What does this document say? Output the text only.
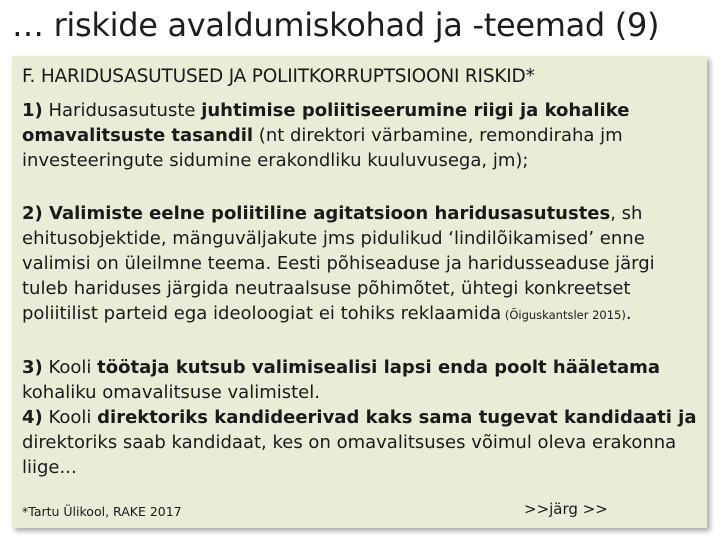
… riskide avaldumiskohad ja -teemad (9)
F. HARIDUSASUTUSED JA POLIITKORRUPTSIOONI RISKID*

1) Haridusasutuste juhtimise poliitiseerumine riigi ja kohalike omavalitsuste tasandil (nt direktori värbamine, remondiraha jm investeeringute sidumine erakondliku kuuluvusega, jm);

2) Valimiste eelne poliitiline agitatsioon haridusasutustes, sh ehitusobjektide, mänguväljakute jms pidulikud ‘lindilõikamised’ enne valimisi on üleilmne teema. Eesti põhiseaduse ja haridusseaduse järgi tuleb hariduses järgida neutraalsuse põhimõtet, ühtegi konkreetset poliitilist parteid ega ideoloogiat ei tohiks reklaamida (Õiguskantsler 2015).

3) Kooli töötaja kutsub valimisealisi lapsi enda poolt hääletama kohaliku omavalitsuse valimistel.

4) Kooli direktoriks kandideerivad kaks sama tugevat kandidaati ja direktoriks saab kandidaat, kes on omavalitsuses võimul oleva erakonna liige...

*Tartu Ülikool, RAKE 2017	>>järg >>
